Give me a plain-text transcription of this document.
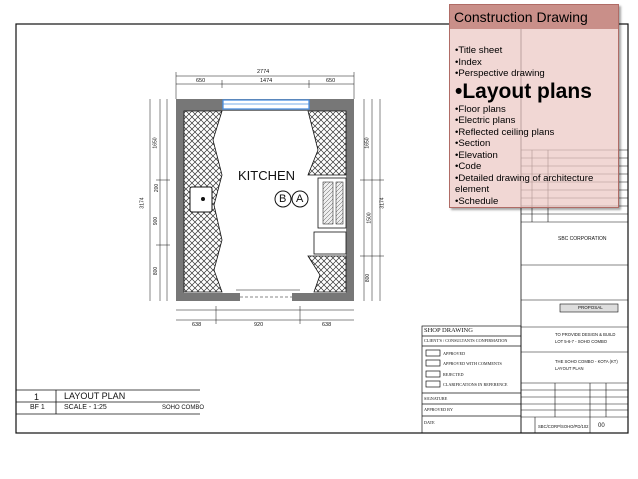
KITCHEN
B A
2774
650	1474	650
638	920	638
1650
200
900
800
3174
1650
1500
800
3174
1	LAYOUT PLAN
BF 1	SCALE - 1:25	SOHO COMBO
SHOP DRAWING
CLIENT'S / CONSULTANTS CONFIRMATION
APPROVED
APPROVED WITH COMMENTS
REJECTED
CLARIFICATIONS IN REFERENCE
SIGNATURE
APPROVED BY
DATE
SBC CORPORATION
PROPOSAL
TO PROVIDE DESIGN & BUILD
LOT 5-6-7 - SOHO COMBO
THE SOHO COMBO - KOTA (KT)
LAYOUT PLAN
SBC/CORP/SOHO/PD/102 00
Construction Drawing
•Title sheet
•Index
•Perspective drawing
•Layout plans
•Floor plans
•Electric plans
•Reflected ceiling plans
•Section
•Elevation
•Code
•Detailed drawing of architecture element
•Schedule
